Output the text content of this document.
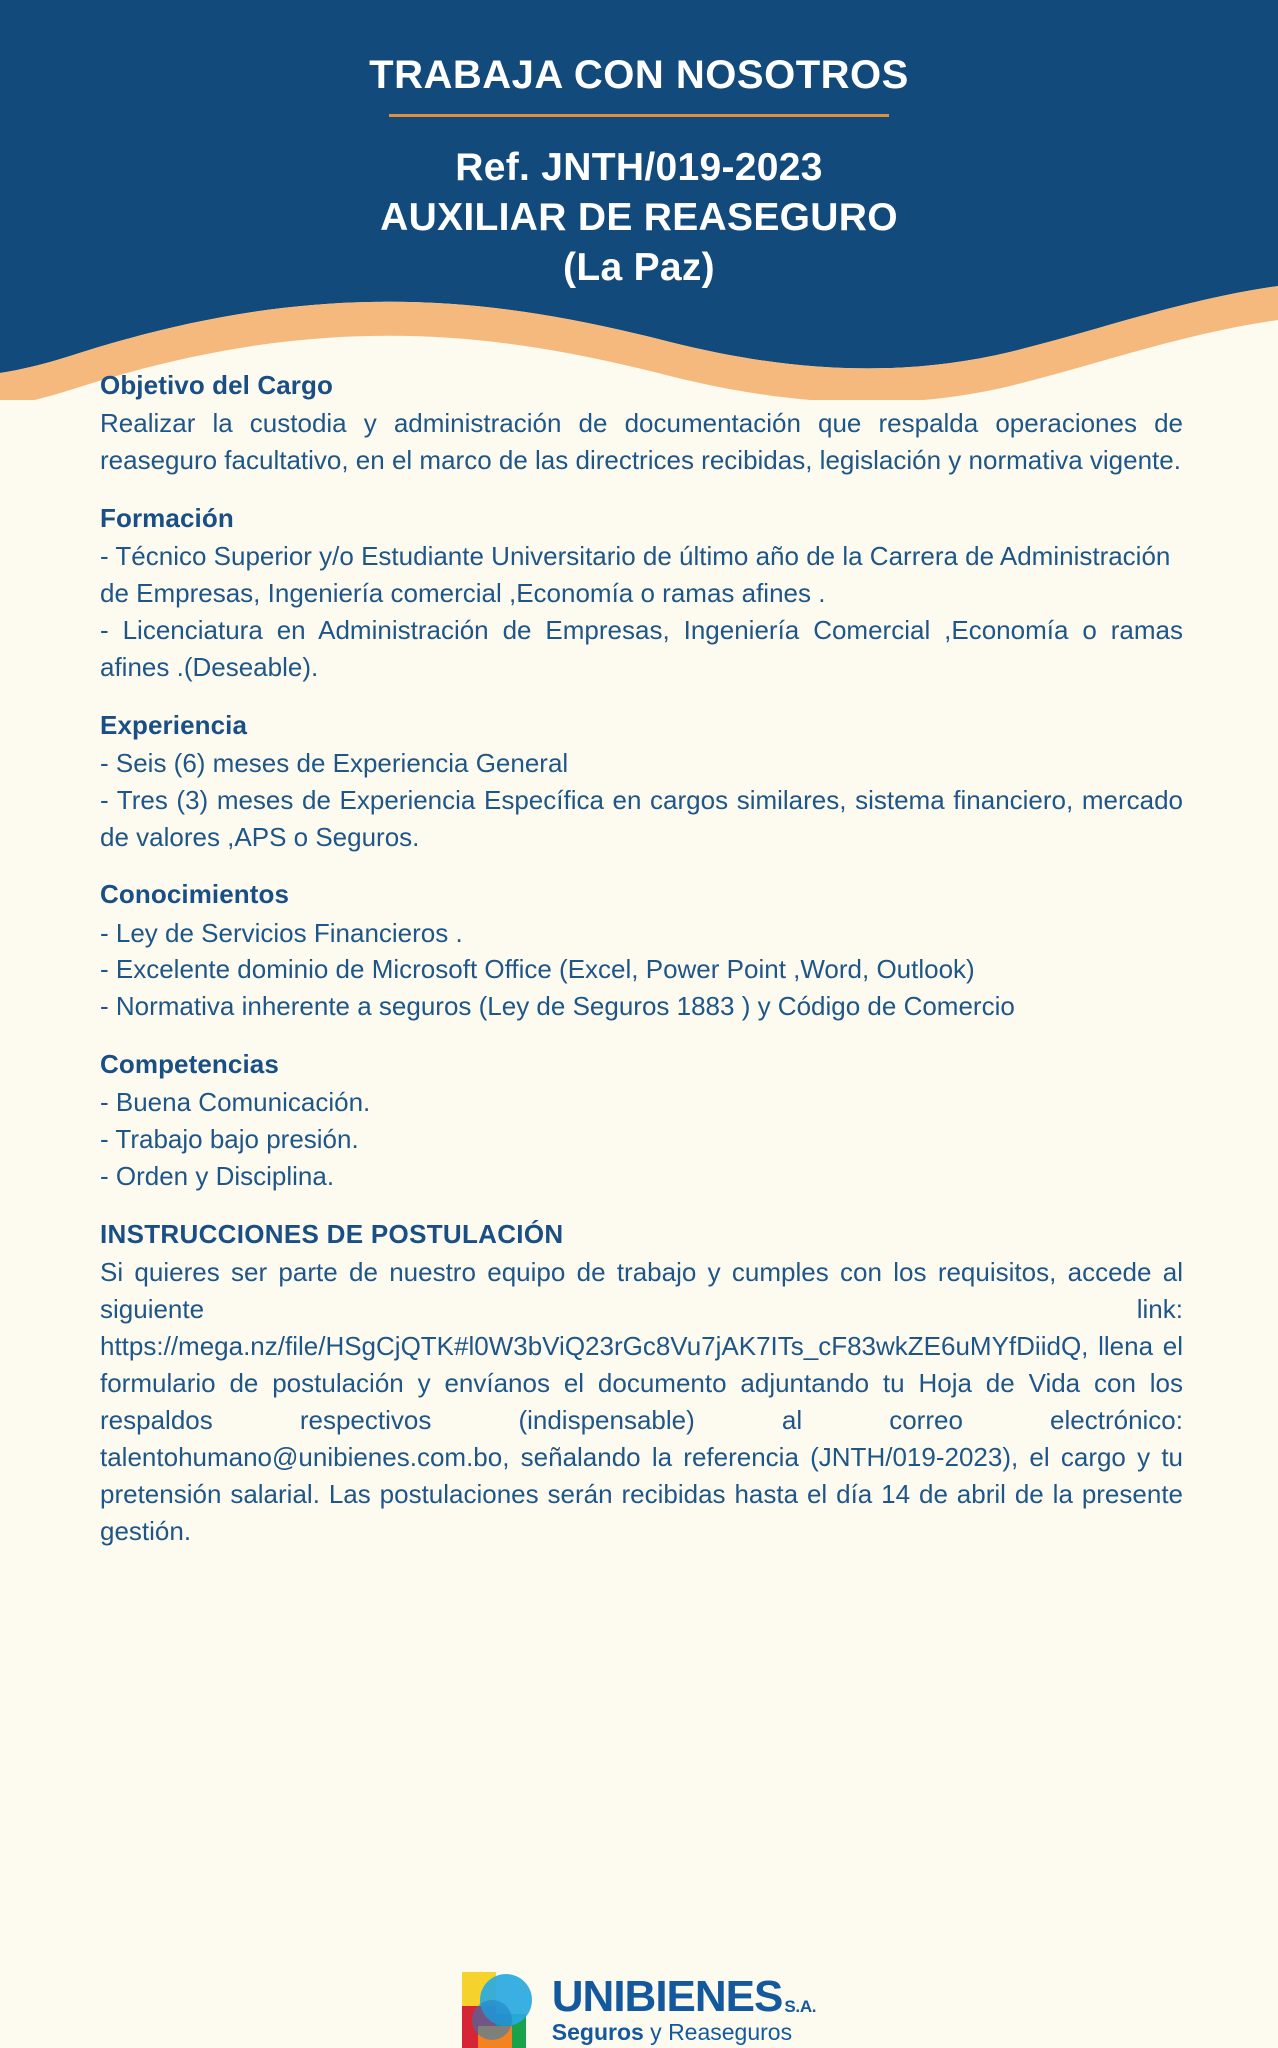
TRABAJA CON NOSOTROS
Ref. JNTH/019-2023
AUXILIAR DE REASEGURO
(La Paz)
Objetivo del Cargo
Realizar la custodia y administración de documentación que respalda operaciones de reaseguro facultativo, en el marco de las directrices recibidas, legislación y normativa vigente.
Formación
- Técnico Superior y/o Estudiante Universitario de último año de la Carrera de Administración de Empresas, Ingeniería comercial ,Economía o ramas afines .
- Licenciatura en Administración de Empresas, Ingeniería Comercial ,Economía o ramas afines .(Deseable).
Experiencia
- Seis (6) meses de Experiencia General
- Tres (3) meses de Experiencia Específica en cargos similares, sistema financiero, mercado de valores ,APS o Seguros.
Conocimientos
- Ley de Servicios Financieros .
- Excelente dominio de Microsoft Office (Excel, Power Point ,Word, Outlook)
- Normativa inherente a seguros (Ley de Seguros 1883 ) y Código de Comercio
Competencias
- Buena Comunicación.
- Trabajo bajo presión.
- Orden y Disciplina.
INSTRUCCIONES DE POSTULACIÓN
Si quieres ser parte de nuestro equipo de trabajo y cumples con los requisitos, accede al siguiente link: https://mega.nz/file/HSgCjQTK#l0W3bViQ23rGc8Vu7jAK7ITs_cF83wkZE6uMYfDiidQ, llena el formulario de postulación y envíanos el documento adjuntando tu Hoja de Vida con los respaldos respectivos (indispensable) al correo electrónico: talentohumano@unibienes.com.bo, señalando la referencia (JNTH/019-2023), el cargo y tu pretensión salarial. Las postulaciones serán recibidas hasta el día 14 de abril de la presente gestión.
UNIBIENES S.A.
Seguros y Reaseguros
